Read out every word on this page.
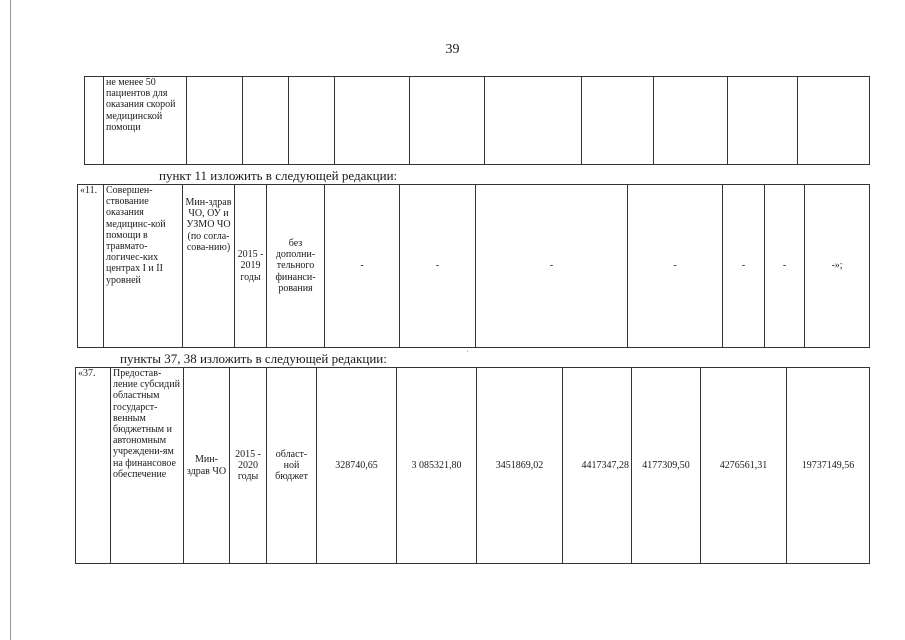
39
	не менее 50 пациентов для оказания скорой медицинской помощи										
пункт 11 изложить в следующей редакции:
«11.	Совершен-ствование оказания медицинс-кой помощи в травмато-логичес-ких центрах I и II уровней	Мин-здрав ЧО, ОУ и УЗМО ЧО (по согла-сова-нию)	2015 - 2019 годы	без дополни-тельного финанси-рования	-	-	-	-	-	-	-»;
пункты 37, 38 изложить в следующей редакции:	'
«37.	Предостав-ление субсидий областным государст-венным бюджетным и автономным учреждени-ям на финансовое обеспечение	Мин-здрав ЧО	2015 - 2020 годы	област-ной бюджет	328740,65	3 085321,80	3451869,02	4417347,28	4177309,50	4276561,31	19737149,56
